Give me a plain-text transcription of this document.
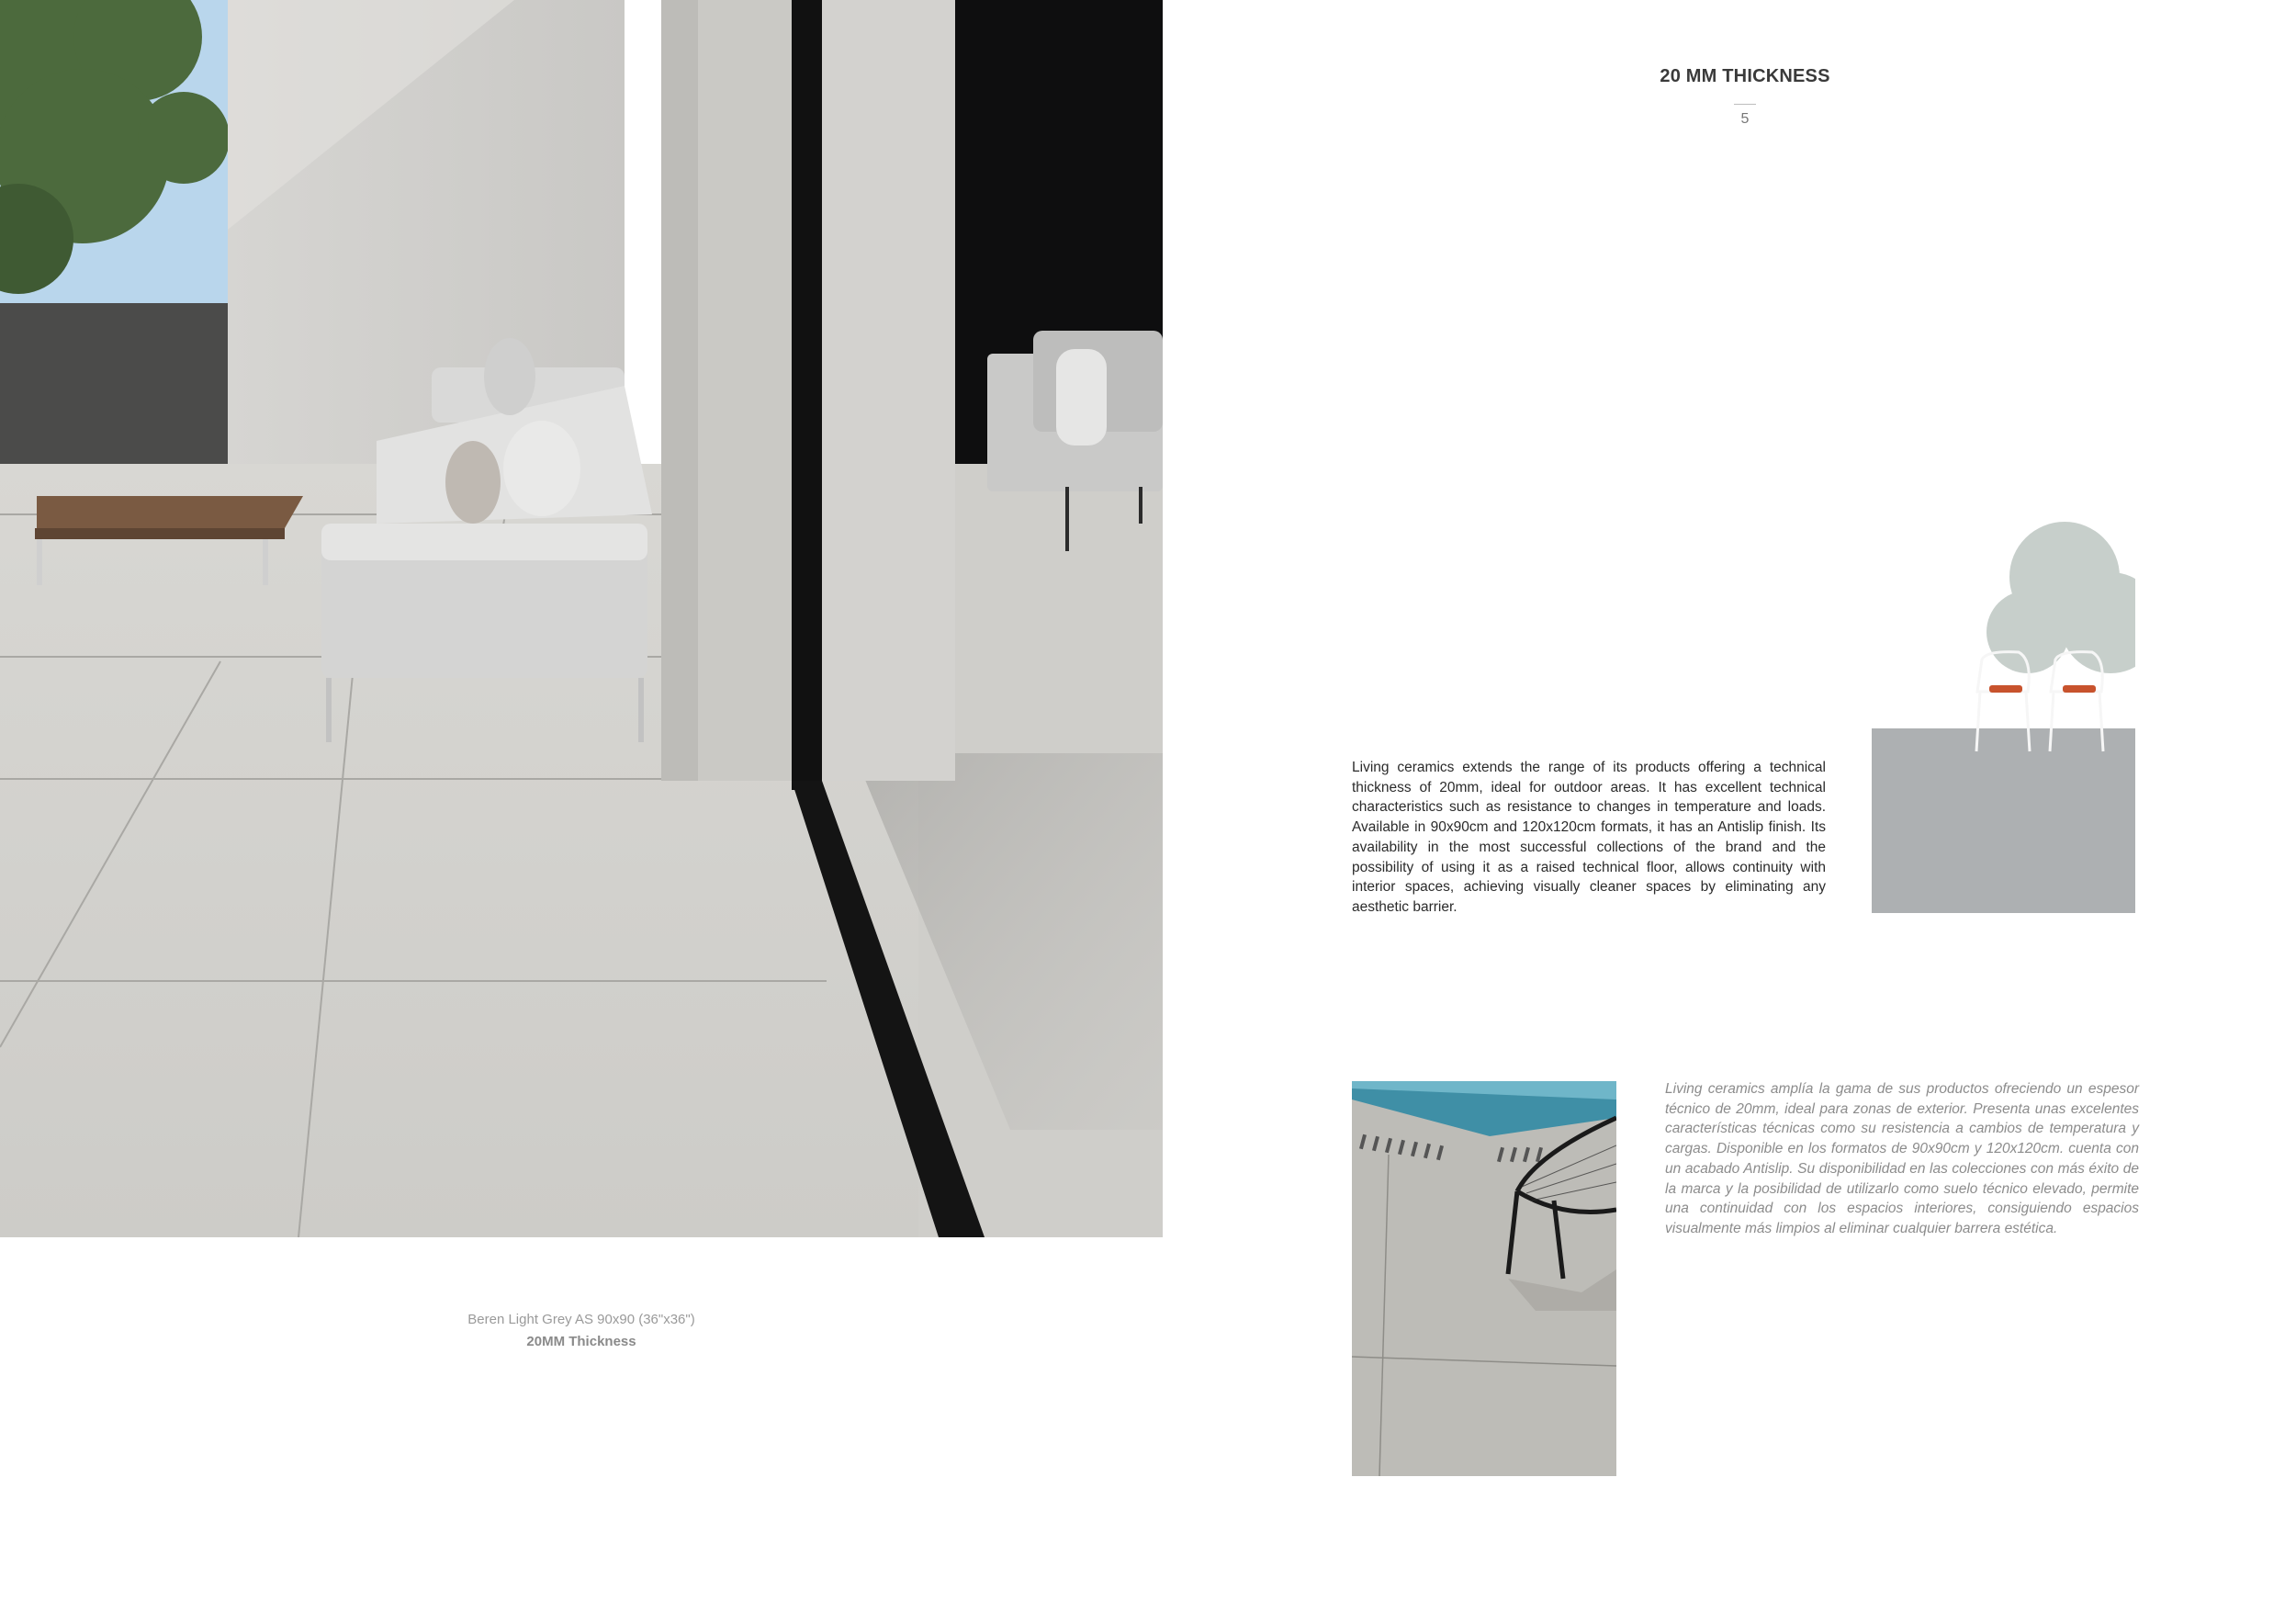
Beren Light Grey AS 90x90 (36"x36")
20MM Thickness
20 MM THICKNESS
5
Living ceramics extends the range of its products offering a technical thickness of 20mm, ideal for outdoor areas. It has excellent technical characteristics such as resistance to changes in temperature and loads. Available in 90x90cm and 120x120cm formats, it has an Antislip finish. Its availability in the most successful collections of the brand and the possibility of using it as a raised technical floor, allows continuity with interior spaces, achieving visually cleaner spaces by eliminating any aesthetic barrier.
Living ceramics amplía la gama de sus productos ofreciendo un espesor técnico de 20mm, ideal para zonas de exterior. Presenta unas excelentes características técnicas como su resistencia a cambios de temperatura y cargas. Disponible en los formatos de 90x90cm y 120x120cm. cuenta con un acabado Antislip. Su disponibilidad en las colecciones con más éxito de la marca y la posibilidad de utilizarlo como suelo técnico elevado, permite una continuidad con los espacios interiores, consiguiendo espacios visualmente más limpios al eliminar cualquier barrera estética.
